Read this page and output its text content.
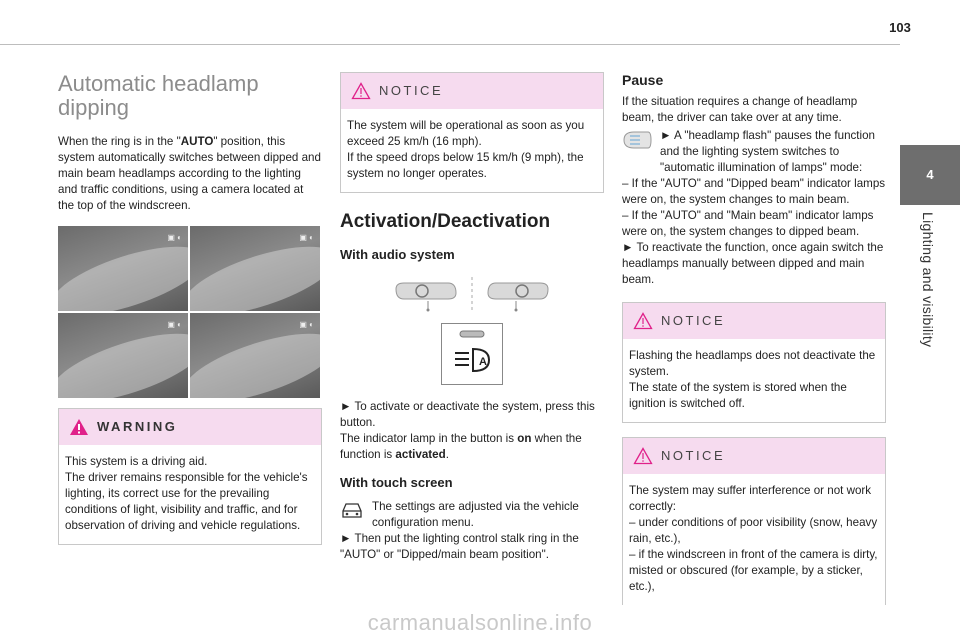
103
4
Lighting and visibility
Automatic headlamp dipping

When the ring is in the "AUTO" position, this system automatically switches between dipped and main beam headlamps according to the lighting and traffic conditions, using a camera located at the top of the windscreen.

▣ ◐	▣ ◐
▣ ◐	▣ ◐
WARNING

This system is a driving aid.

The driver remains responsible for the vehicle's lighting, its correct use for the prevailing conditions of light, visibility and traffic, and for observation of driving and vehicle regulations.

NOTICE

The system will be operational as soon as you exceed 25 km/h (16 mph).

If the speed drops below 15 km/h (9 mph), the system no longer operates.

Activation/Deactivation
With audio system
A

► To activate or deactivate the system, press this button.

The indicator lamp in the button is on when the function is activated.

With touch screen

The settings are adjusted via the vehicle configuration menu.

► Then put the lighting control stalk ring in the "AUTO" or "Dipped/main beam position".

Pause

If the situation requires a change of headlamp beam, the driver can take over at any time.

► A "headlamp flash" pauses the function and the lighting system switches to "automatic illumination of lamps" mode:

– If the "AUTO" and "Dipped beam" indicator lamps were on, the system changes to main beam.

– If the "AUTO" and "Main beam" indicator lamps were on, the system changes to dipped beam.

► To reactivate the function, once again switch the headlamps manually between dipped and main beam.

NOTICE

Flashing the headlamps does not deactivate the system.

The state of the system is stored when the ignition is switched off.

NOTICE

The system may suffer interference or not work correctly:

– under conditions of poor visibility (snow, heavy rain, etc.),

– if the windscreen in front of the camera is dirty, misted or obscured (for example, by a sticker, etc.),

carmanualsonline.info
